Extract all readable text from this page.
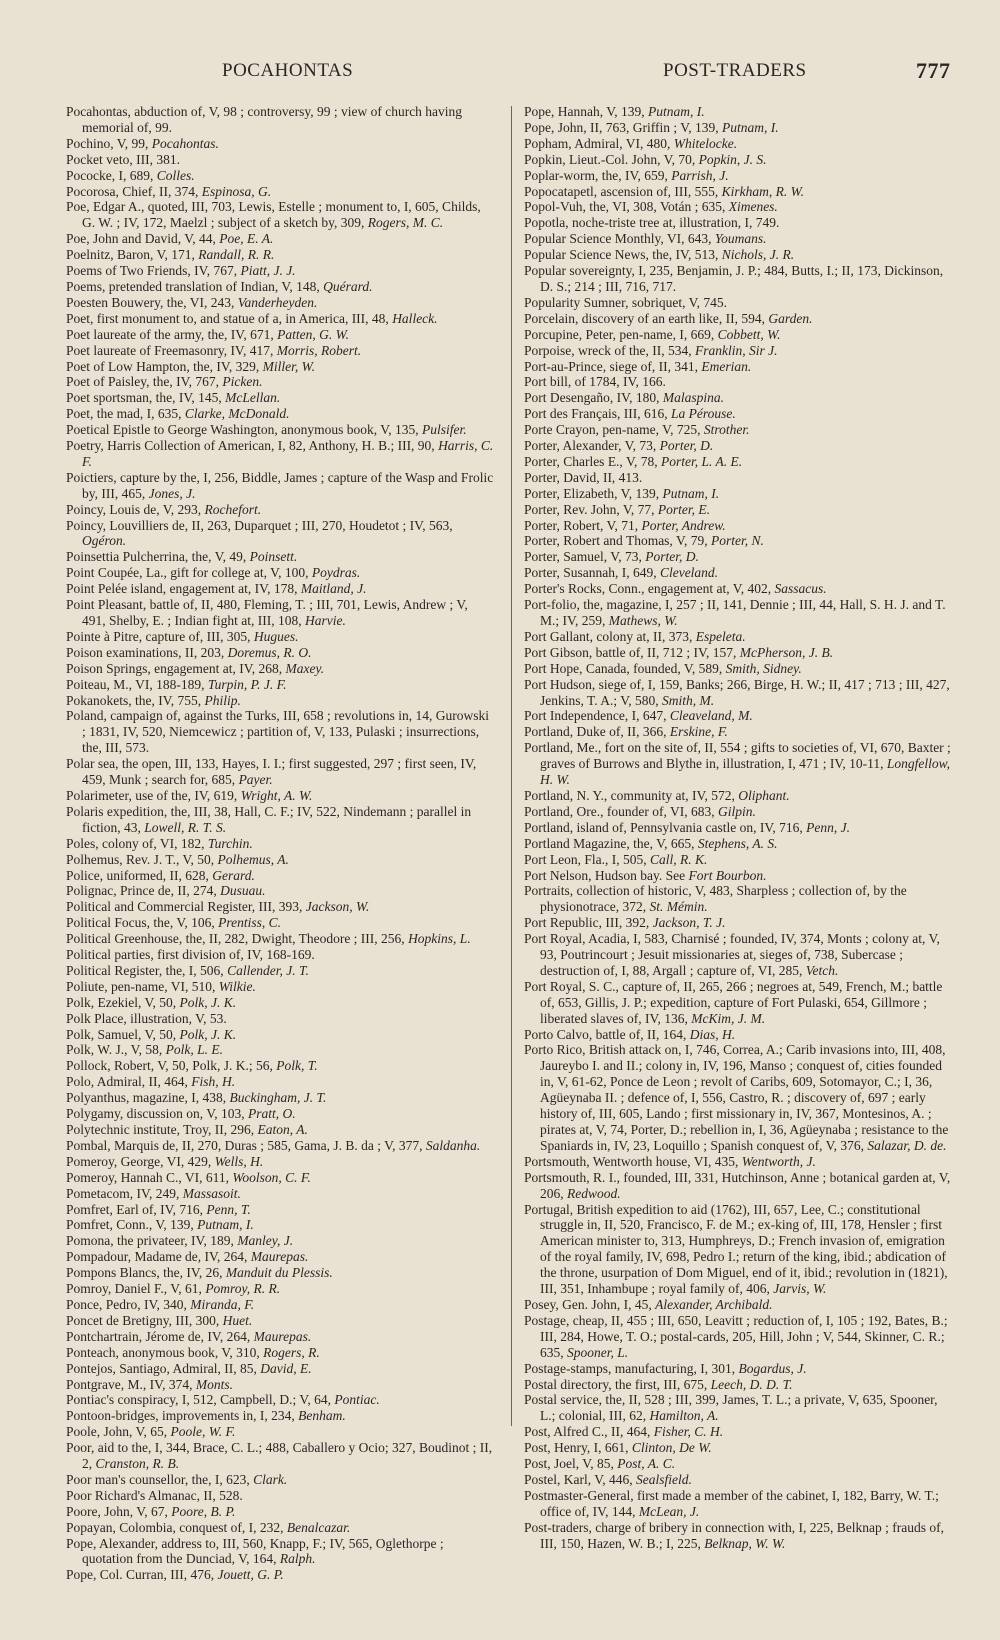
POCAHONTAS	POST-TRADERS	777
Pocahontas, abduction of, V, 98 ; controversy, 99 ; view of church having memorial of, 99.
Pochino, V, 99, Pocahontas.
Pocket veto, III, 381.
Pococke, I, 689, Colles.
Pocorosa, Chief, II, 374, Espinosa, G.
Poe, Edgar A., quoted, III, 703, Lewis, Estelle ; monument to, I, 605, Childs, G. W. ; IV, 172, Maelzl ; subject of a sketch by, 309, Rogers, M. C.
Poe, John and David, V, 44, Poe, E. A.
Poelnitz, Baron, V, 171, Randall, R. R.
Poems of Two Friends, IV, 767, Piatt, J. J.
Poems, pretended translation of Indian, V, 148, Quérard.
Poesten Bouwery, the, VI, 243, Vanderheyden.
Poet, first monument to, and statue of a, in America, III, 48, Halleck.
Poet laureate of the army, the, IV, 671, Patten, G. W.
Poet laureate of Freemasonry, IV, 417, Morris, Robert.
Poet of Low Hampton, the, IV, 329, Miller, W.
Poet of Paisley, the, IV, 767, Picken.
Poet sportsman, the, IV, 145, McLellan.
Poet, the mad, I, 635, Clarke, McDonald.
Poetical Epistle to George Washington, anonymous book, V, 135, Pulsifer.
Poetry, Harris Collection of American, I, 82, Anthony, H. B.; III, 90, Harris, C. F.
Poictiers, capture by the, I, 256, Biddle, James ; capture of the Wasp and Frolic by, III, 465, Jones, J.
Poincy, Louis de, V, 293, Rochefort.
Poincy, Louvilliers de, II, 263, Duparquet ; III, 270, Houdetot ; IV, 563, Ogéron.
Poinsettia Pulcherrina, the, V, 49, Poinsett.
Point Coupée, La., gift for college at, V, 100, Poydras.
Point Pelée island, engagement at, IV, 178, Maitland, J.
Point Pleasant, battle of, II, 480, Fleming, T. ; III, 701, Lewis, Andrew ; V, 491, Shelby, E. ; Indian fight at, III, 108, Harvie.
Pointe à Pitre, capture of, III, 305, Hugues.
Poison examinations, II, 203, Doremus, R. O.
Poison Springs, engagement at, IV, 268, Maxey.
Poiteau, M., VI, 188-189, Turpin, P. J. F.
Pokanokets, the, IV, 755, Philip.
Poland, campaign of, against the Turks, III, 658 ; revolutions in, 14, Gurowski ; 1831, IV, 520, Niemcewicz ; partition of, V, 133, Pulaski ; insurrections, the, III, 573.
Polar sea, the open, III, 133, Hayes, I. I.; first suggested, 297 ; first seen, IV, 459, Munk ; search for, 685, Payer.
Polarimeter, use of the, IV, 619, Wright, A. W.
Polaris expedition, the, III, 38, Hall, C. F.; IV, 522, Nindemann ; parallel in fiction, 43, Lowell, R. T. S.
Poles, colony of, VI, 182, Turchin.
Polhemus, Rev. J. T., V, 50, Polhemus, A.
Police, uniformed, II, 628, Gerard.
Polignac, Prince de, II, 274, Dusuau.
Political and Commercial Register, III, 393, Jackson, W.
Political Focus, the, V, 106, Prentiss, C.
Political Greenhouse, the, II, 282, Dwight, Theodore ; III, 256, Hopkins, L.
Political parties, first division of, IV, 168-169.
Political Register, the, I, 506, Callender, J. T.
Poliute, pen-name, VI, 510, Wilkie.
Polk, Ezekiel, V, 50, Polk, J. K.
Polk Place, illustration, V, 53.
Polk, Samuel, V, 50, Polk, J. K.
Polk, W. J., V, 58, Polk, L. E.
Pollock, Robert, V, 50, Polk, J. K.; 56, Polk, T.
Polo, Admiral, II, 464, Fish, H.
Polyanthus, magazine, I, 438, Buckingham, J. T.
Polygamy, discussion on, V, 103, Pratt, O.
Polytechnic institute, Troy, II, 296, Eaton, A.
Pombal, Marquis de, II, 270, Duras ; 585, Gama, J. B. da ; V, 377, Saldanha.
Pomeroy, George, VI, 429, Wells, H.
Pomeroy, Hannah C., VI, 611, Woolson, C. F.
Pometacom, IV, 249, Massasoit.
Pomfret, Earl of, IV, 716, Penn, T.
Pomfret, Conn., V, 139, Putnam, I.
Pomona, the privateer, IV, 189, Manley, J.
Pompadour, Madame de, IV, 264, Maurepas.
Pompons Blancs, the, IV, 26, Manduit du Plessis.
Pomroy, Daniel F., V, 61, Pomroy, R. R.
Ponce, Pedro, IV, 340, Miranda, F.
Poncet de Bretigny, III, 300, Huet.
Pontchartrain, Jérome de, IV, 264, Maurepas.
Ponteach, anonymous book, V, 310, Rogers, R.
Pontejos, Santiago, Admiral, II, 85, David, E.
Pontgrave, M., IV, 374, Monts.
Pontiac's conspiracy, I, 512, Campbell, D.; V, 64, Pontiac.
Pontoon-bridges, improvements in, I, 234, Benham.
Poole, John, V, 65, Poole, W. F.
Poor, aid to the, I, 344, Brace, C. L.; 488, Caballero y Ocio; 327, Boudinot ; II, 2, Cranston, R. B.
Poor man's counsellor, the, I, 623, Clark.
Poor Richard's Almanac, II, 528.
Poore, John, V, 67, Poore, B. P.
Popayan, Colombia, conquest of, I, 232, Benalcazar.
Pope, Alexander, address to, III, 560, Knapp, F.; IV, 565, Oglethorpe ; quotation from the Dunciad, V, 164, Ralph.
Pope, Col. Curran, III, 476, Jouett, G. P.
Pope, Hannah, V, 139, Putnam, I.
Pope, John, II, 763, Griffin ; V, 139, Putnam, I.
Popham, Admiral, VI, 480, Whitelocke.
Popkin, Lieut.-Col. John, V, 70, Popkin, J. S.
Poplar-worm, the, IV, 659, Parrish, J.
Popocatapetl, ascension of, III, 555, Kirkham, R. W.
Popol-Vuh, the, VI, 308, Votán ; 635, Ximenes.
Popotla, noche-triste tree at, illustration, I, 749.
Popular Science Monthly, VI, 643, Youmans.
Popular Science News, the, IV, 513, Nichols, J. R.
Popular sovereignty, I, 235, Benjamin, J. P.; 484, Butts, I.; II, 173, Dickinson, D. S.; 214 ; III, 716, 717.
Popularity Sumner, sobriquet, V, 745.
Porcelain, discovery of an earth like, II, 594, Garden.
Porcupine, Peter, pen-name, I, 669, Cobbett, W.
Porpoise, wreck of the, II, 534, Franklin, Sir J.
Port-au-Prince, siege of, II, 341, Emerian.
Port bill, of 1784, IV, 166.
Port Desengaño, IV, 180, Malaspina.
Port des Français, III, 616, La Pérouse.
Porte Crayon, pen-name, V, 725, Strother.
Porter, Alexander, V, 73, Porter, D.
Porter, Charles E., V, 78, Porter, L. A. E.
Porter, David, II, 413.
Porter, Elizabeth, V, 139, Putnam, I.
Porter, Rev. John, V, 77, Porter, E.
Porter, Robert, V, 71, Porter, Andrew.
Porter, Robert and Thomas, V, 79, Porter, N.
Porter, Samuel, V, 73, Porter, D.
Porter, Susannah, I, 649, Cleveland.
Porter's Rocks, Conn., engagement at, V, 402, Sassacus.
Port-folio, the, magazine, I, 257 ; II, 141, Dennie ; III, 44, Hall, S. H. J. and T. M.; IV, 259, Mathews, W.
Port Gallant, colony at, II, 373, Espeleta.
Port Gibson, battle of, II, 712 ; IV, 157, McPherson, J. B.
Port Hope, Canada, founded, V, 589, Smith, Sidney.
Port Hudson, siege of, I, 159, Banks; 266, Birge, H. W.; II, 417 ; 713 ; III, 427, Jenkins, T. A.; V, 580, Smith, M.
Port Independence, I, 647, Cleaveland, M.
Portland, Duke of, II, 366, Erskine, F.
Portland, Me., fort on the site of, II, 554 ; gifts to societies of, VI, 670, Baxter ; graves of Burrows and Blythe in, illustration, I, 471 ; IV, 10-11, Longfellow, H. W.
Portland, N. Y., community at, IV, 572, Oliphant.
Portland, Ore., founder of, VI, 683, Gilpin.
Portland, island of, Pennsylvania castle on, IV, 716, Penn, J.
Portland Magazine, the, V, 665, Stephens, A. S.
Port Leon, Fla., I, 505, Call, R. K.
Port Nelson, Hudson bay. See Fort Bourbon.
Portraits, collection of historic, V, 483, Sharpless ; collection of, by the physionotrace, 372, St. Mémin.
Port Republic, III, 392, Jackson, T. J.
Port Royal, Acadia, I, 583, Charnisé ; founded, IV, 374, Monts ; colony at, V, 93, Poutrincourt ; Jesuit missionaries at, sieges of, 738, Subercase ; destruction of, I, 88, Argall ; capture of, VI, 285, Vetch.
Port Royal, S. C., capture of, II, 265, 266 ; negroes at, 549, French, M.; battle of, 653, Gillis, J. P.; expedition, capture of Fort Pulaski, 654, Gillmore ; liberated slaves of, IV, 136, McKim, J. M.
Porto Calvo, battle of, II, 164, Dias, H.
Porto Rico, British attack on, I, 746, Correa, A.; Carib invasions into, III, 408, Jaureybo I. and II.; colony in, IV, 196, Manso ; conquest of, cities founded in, V, 61-62, Ponce de Leon ; revolt of Caribs, 609, Sotomayor, C.; I, 36, Agüeynaba II. ; defence of, I, 556, Castro, R. ; discovery of, 697 ; early history of, III, 605, Lando ; first missionary in, IV, 367, Montesinos, A. ; pirates at, V, 74, Porter, D.; rebellion in, I, 36, Agüeynaba ; resistance to the Spaniards in, IV, 23, Loquillo ; Spanish conquest of, V, 376, Salazar, D. de.
Portsmouth, Wentworth house, VI, 435, Wentworth, J.
Portsmouth, R. I., founded, III, 331, Hutchinson, Anne ; botanical garden at, V, 206, Redwood.
Portugal, British expedition to aid (1762), III, 657, Lee, C.; constitutional struggle in, II, 520, Francisco, F. de M.; ex-king of, III, 178, Hensler ; first American minister to, 313, Humphreys, D.; French invasion of, emigration of the royal family, IV, 698, Pedro I.; return of the king, ibid.; abdication of the throne, usurpation of Dom Miguel, end of it, ibid.; revolution in (1821), III, 351, Inhambupe ; royal family of, 406, Jarvis, W.
Posey, Gen. John, I, 45, Alexander, Archibald.
Postage, cheap, II, 455 ; III, 650, Leavitt ; reduction of, I, 105 ; 192, Bates, B.; III, 284, Howe, T. O.; postal-cards, 205, Hill, John ; V, 544, Skinner, C. R.; 635, Spooner, L.
Postage-stamps, manufacturing, I, 301, Bogardus, J.
Postal directory, the first, III, 675, Leech, D. D. T.
Postal service, the, II, 528 ; III, 399, James, T. L.; a private, V, 635, Spooner, L.; colonial, III, 62, Hamilton, A.
Post, Alfred C., II, 464, Fisher, C. H.
Post, Henry, I, 661, Clinton, De W.
Post, Joel, V, 85, Post, A. C.
Postel, Karl, V, 446, Sealsfield.
Postmaster-General, first made a member of the cabinet, I, 182, Barry, W. T.; office of, IV, 144, McLean, J.
Post-traders, charge of bribery in connection with, I, 225, Belknap ; frauds of, III, 150, Hazen, W. B.; I, 225, Belknap, W. W.
